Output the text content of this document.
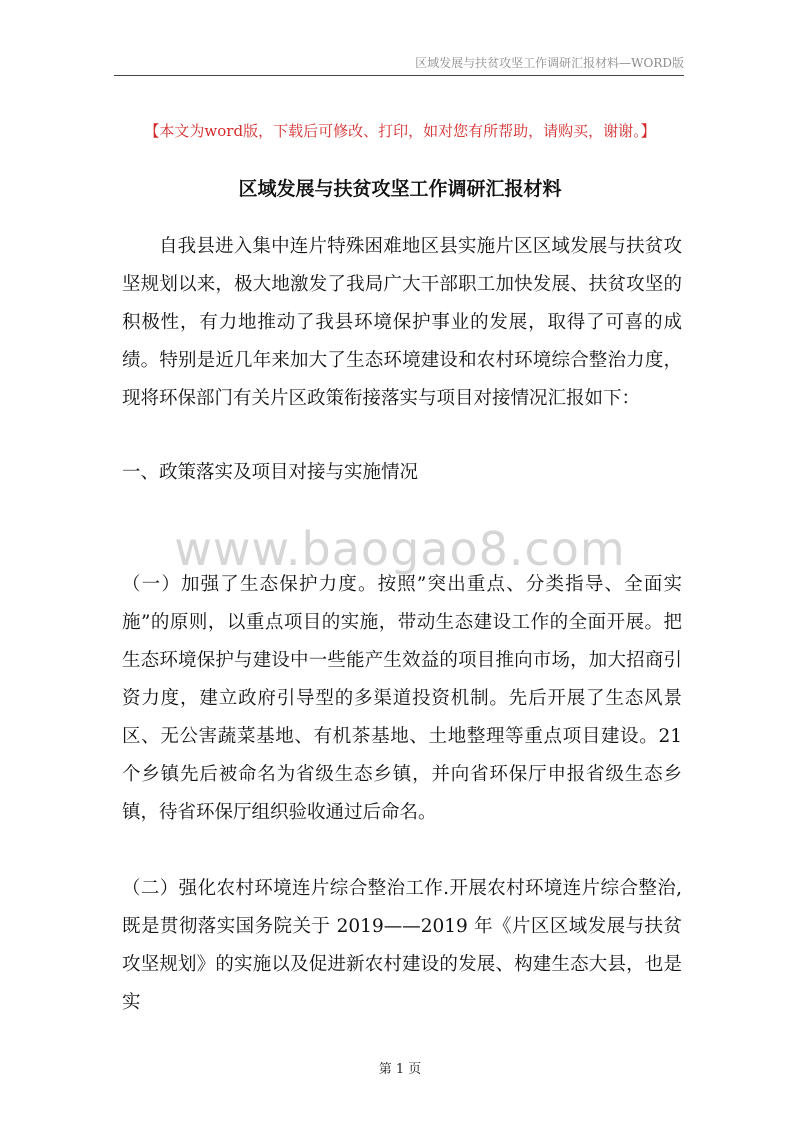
区域发展与扶贫攻坚工作调研汇报材料—WORD版
【本文为word版，下载后可修改、打印，如对您有所帮助，请购买，谢谢。】
区域发展与扶贫攻坚工作调研汇报材料

自我县进入集中连片特殊困难地区县实施片区区域发展与扶贫攻坚规划以来，极大地激发了我局广大干部职工加快发展、扶贫攻坚的积极性，有力地推动了我县环境保护事业的发展，取得了可喜的成绩。特别是近几年来加大了生态环境建设和农村环境综合整治力度，现将环保部门有关片区政策衔接落实与项目对接情况汇报如下：

一、政策落实及项目对接与实施情况

（一）加强了生态保护力度。按照”突出重点、分类指导、全面实施”的原则，以重点项目的实施，带动生态建设工作的全面开展。把生态环境保护与建设中一些能产生效益的项目推向市场，加大招商引资力度，建立政府引导型的多渠道投资机制。先后开展了生态风景区、无公害蔬菜基地、有机茶基地、土地整理等重点项目建设。21 个乡镇先后被命名为省级生态乡镇，并向省环保厅申报省级生态乡镇，待省环保厅组织验收通过后命名。

（二）强化农村环境连片综合整治工作.开展农村环境连片综合整治,既是贯彻落实国务院关于 2019——2019 年《片区区域发展与扶贫攻坚规划》的实施以及促进新农村建设的发展、构建生态大县，也是实

www.baogao8.com
第 1 页
